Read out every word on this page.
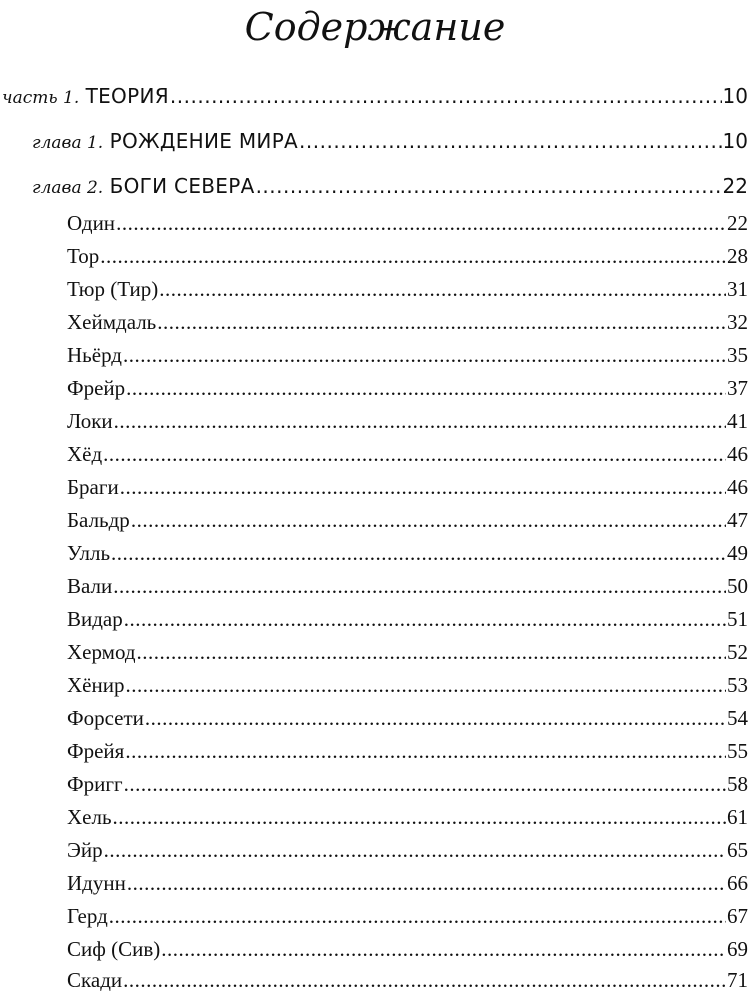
Содержание
часть 1. ТЕОРИЯ .....	10
глава 1. РОЖДЕНИЕ МИРА .....	10
глава 2. БОГИ СЕВЕРА .....	22
Один .....	22
Тор .....	28
Тюр (Тир) .....	31
Хеймдаль .....	32
Ньёрд .....	35
Фрейр .....	37
Локи .....	41
Хёд .....	46
Браги .....	46
Бальдр .....	47
Улль .....	49
Вали .....	50
Видар .....	51
Хермод .....	52
Хёнир .....	53
Форсети .....	54
Фрейя .....	55
Фригг .....	58
Хель .....	61
Эйр .....	65
Идунн .....	66
Герд .....	67
Сиф (Сив) .....	69
Скади .....	71
